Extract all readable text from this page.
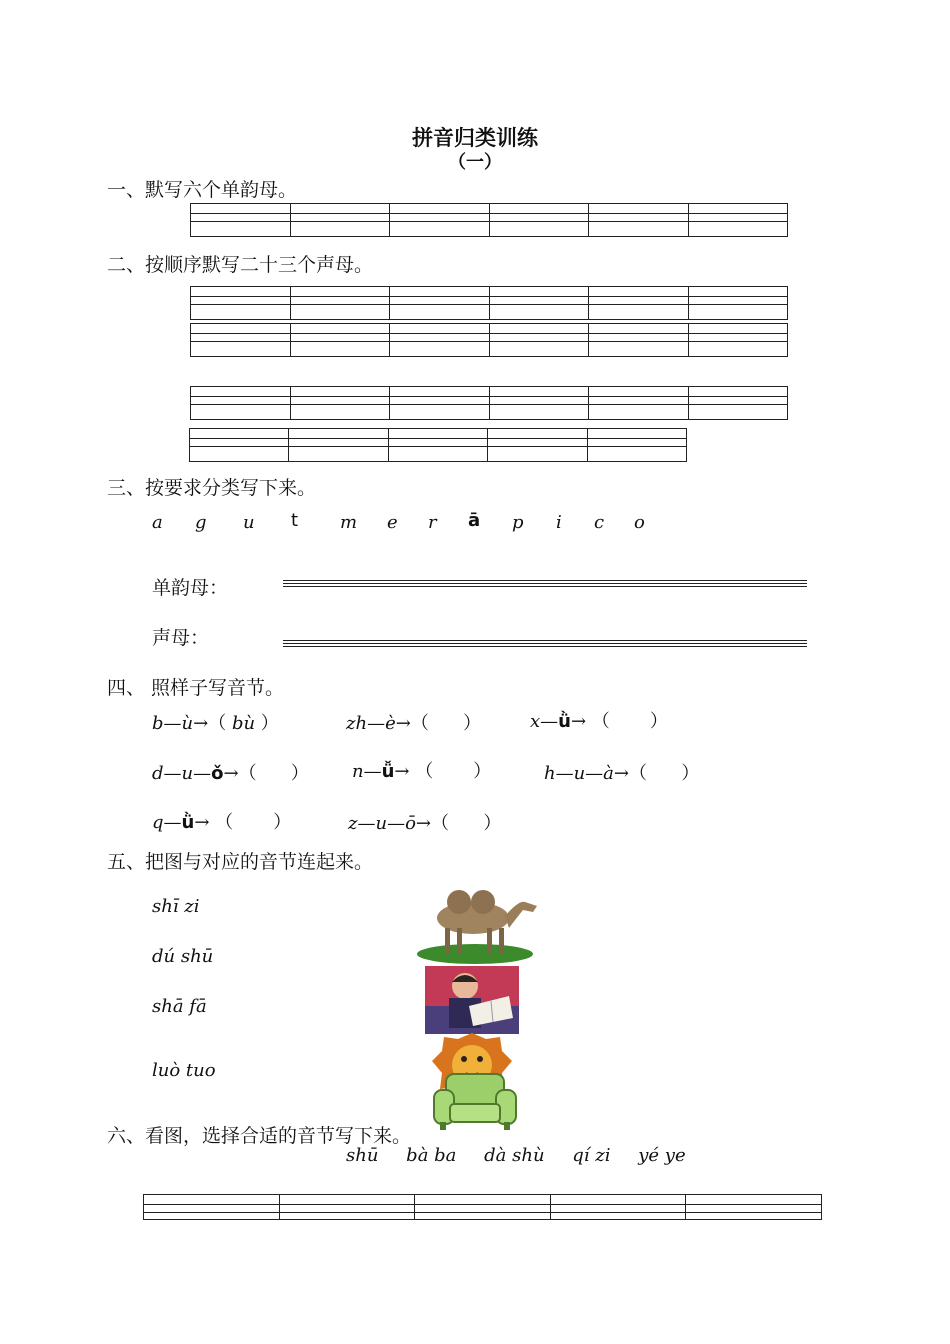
拼音归类训练
（一）
一、默写六个单韵母。
二、按顺序默写二十三个声母。
三、按要求分类写下来。
a g u t m e r ā p i c o
单韵母：
声母：
四、 照样子写音节。
b—ù→（ bù ）	zh—è→（      ）	x—ǜ→ （       ）
d—u—ǒ→（      ） n—ǚ→ （       ）	h—u—à→（      ）
q—ǜ→ （       ）	z—u—ō→（      ）
五、把图与对应的音节连起来。
shī zi
dú shū
shā fā
luò tuo
六、看图，选择合适的音节写下来。
shū bà ba dà shù qí zi yé ye
